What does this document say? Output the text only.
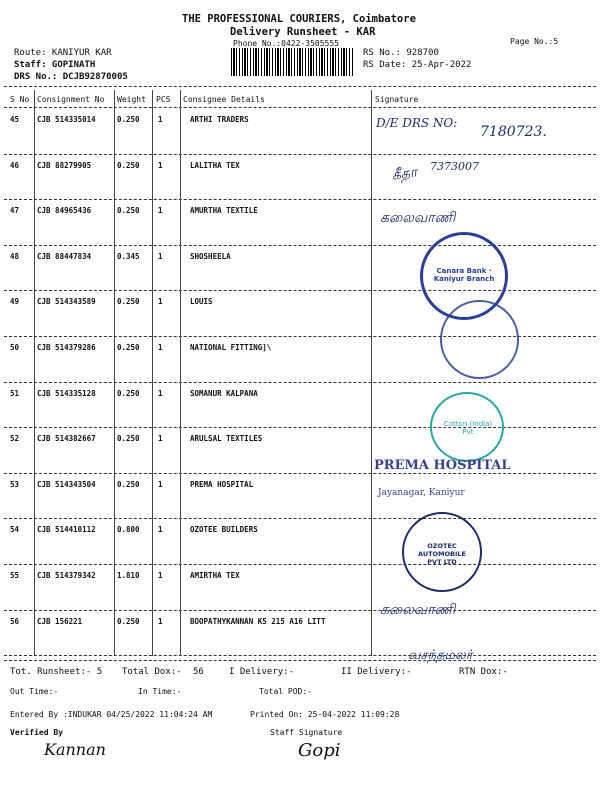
THE PROFESSIONAL COURIERS, Coimbatore
Delivery Runsheet - KAR
Phone No.:0422-3505555	Page No.:5
Route: KANIYUR KAR
Staff: GOPINATH
DRS No.: DCJB92870005
RS No.: 928700
RS Date: 25-Apr-2022
S No Consignment No Weight PCS Consignee Details	Signature
45 CJB 514335014	0.250 1	ARTHI TRADERS
46 CJB 88279905	0.250 1	LALITHA TEX
47 CJB 84965436	0.250 1	AMURTHA TEXTILE
48 CJB 88447834	0.345 1	SHOSHEELA
49 CJB 514343589	0.250 1	LOUIS
50 CJB 514379286	0.250 1	NATIONAL FITTING]\
51 CJB 514335128	0.250 1	SOMANUR KALPANA
52 CJB 514382667	0.250 1	ARULSAL TEXTILES
53 CJB 514343504	0.250 1	PREMA HOSPITAL
54 CJB 514410112	0.800 1	OZOTEE BUILDERS
55 CJB 514379342	1.810 1	AMIRTHA TEX
56 CJB 156221	0.250 1	BOOPATHYKANNAN K5 215 A16 LITT
D/E DRS NO:
7180723.
கீதா 7373007
கலைவாணி
கலைவாணி
வசந்தமலர்
Canara Bank · Kaniyur Branch
Cotton (India) Pvt
PREMA HOSPITAL
Jayanagar, Kaniyur
OZOTEC AUTOMOBILE PVT LTD
Tot. Runsheet:- 5 Total Dox:- 56	I Delivery:-	II Delivery:-	RTN Dox:-
Out Time:-	In Time:-	Total POD:-
Entered By :INDUKAR 04/25/2022 11:04:24 AM	Printed On: 25-04-2022 11:09:28
Verified By	Staff Signature
Kannan	Gopi
